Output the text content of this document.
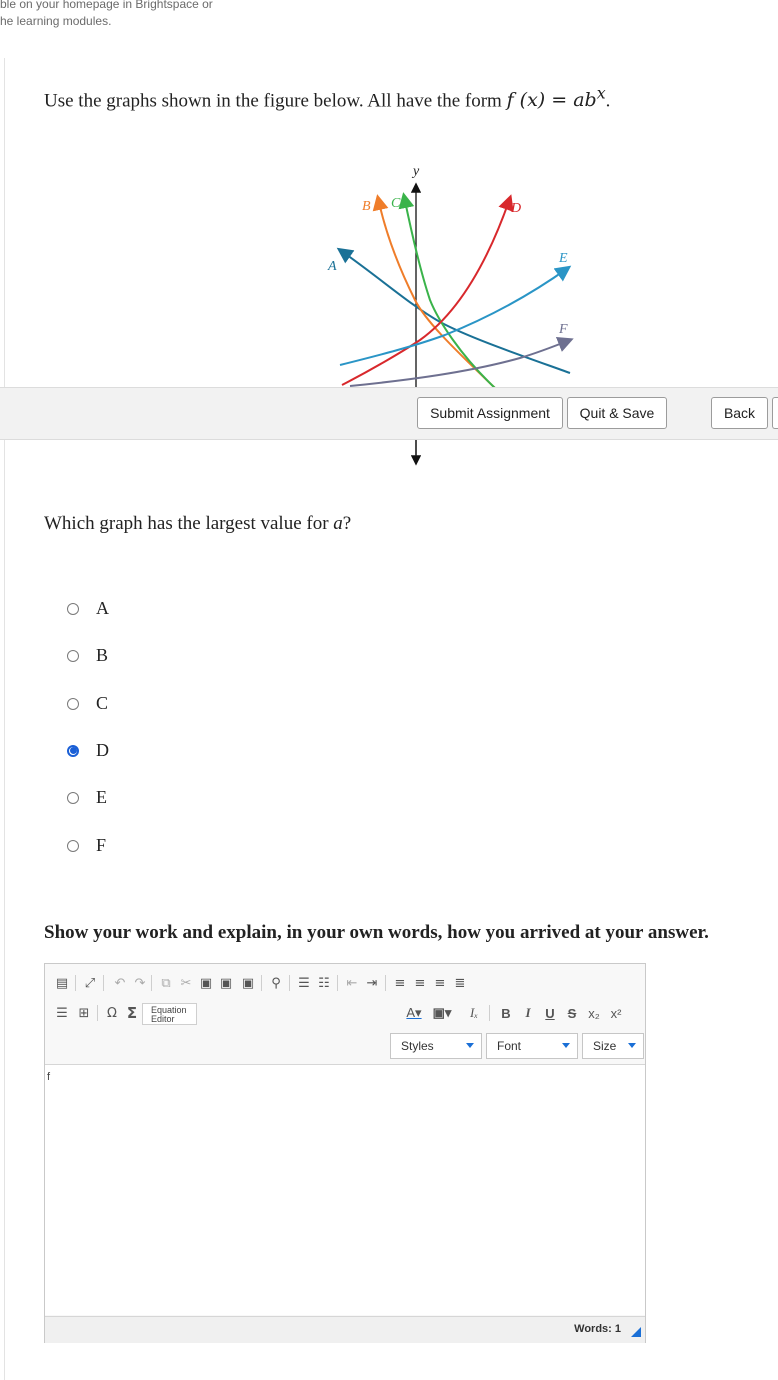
ble on your homepage in Brightspace or
he learning modules.
Use the graphs shown in the figure below. All have the form f $(x) = ab^x$.
y
A
B C	D
E
F
Submit Assignment	Quit & Save	Back
Which graph has the largest value for a?
A
B
C
D
E
F
Show your work and explain, in your own words, how you arrived at your answer.
▤ ⤢ ↶ ↷	⧉ ✂ ▣ ▣ ▣	⚲	☰ ☷ ⇤ ⇥ ≡ ≡ ≡ ≣
☰ ⊞	Ω Σ	Equation
Editor	A▾ ▣▾	Iₓ	B	I	U S x₂ x²
Styles	Font	Size
f
Words: 1
